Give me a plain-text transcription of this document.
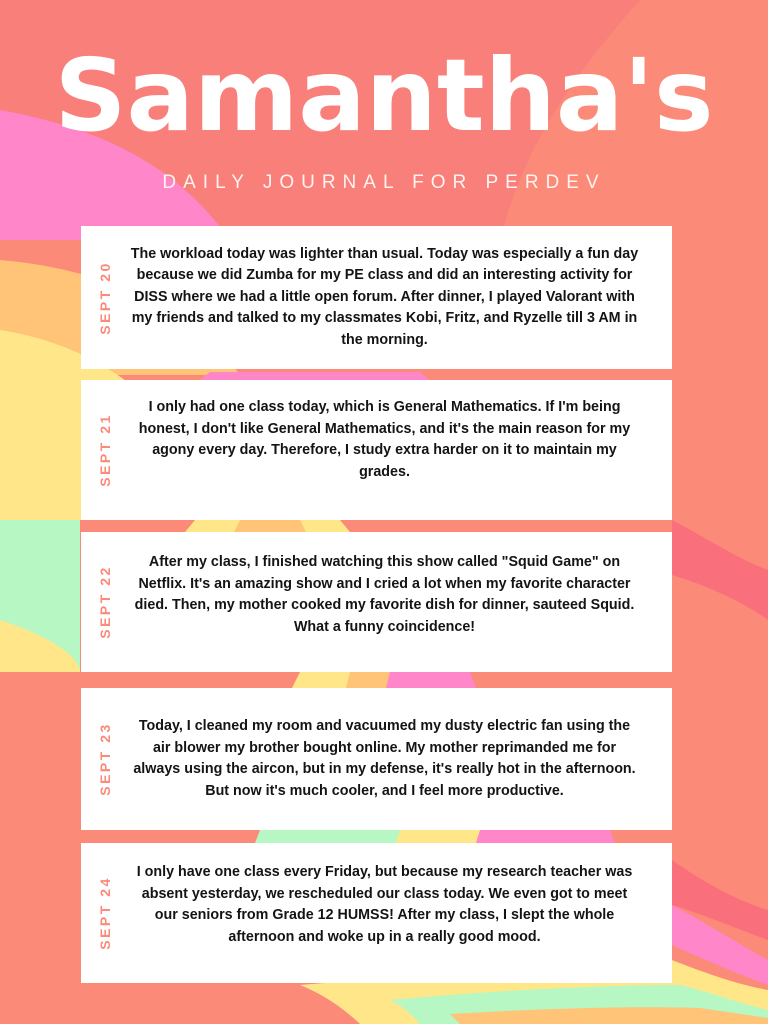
Samantha's
DAILY JOURNAL FOR PERDEV
SEPT 20

The workload today was lighter than usual. Today was especially a fun day because we did Zumba for my PE class and did an interesting activity for DISS where we had a little open forum. After dinner, I played Valorant with my friends and talked to my classmates Kobi, Fritz, and Ryzelle till 3 AM in the morning.

SEPT 21

I only had one class today, which is General Mathematics. If I'm being honest, I don't like General Mathematics, and it's the main reason for my agony every day. Therefore, I study extra harder on it to maintain my grades.

SEPT 22

After my class, I finished watching this show called "Squid Game" on Netflix. It's an amazing show and I cried a lot when my favorite character died. Then, my mother cooked my favorite dish for dinner, sauteed Squid. What a funny coincidence!

SEPT 23	Today, I cleaned my room and vacuumed my dusty electric fan using the air blower my brother bought online. My mother reprimanded me for always using the aircon, but in my defense, it's really hot in the afternoon. But now it's much cooler, and I feel more productive.

SEPT 24

I only have one class every Friday, but because my research teacher was absent yesterday, we rescheduled our class today. We even got to meet our seniors from Grade 12 HUMSS! After my class, I slept the whole afternoon and woke up in a really good mood.
